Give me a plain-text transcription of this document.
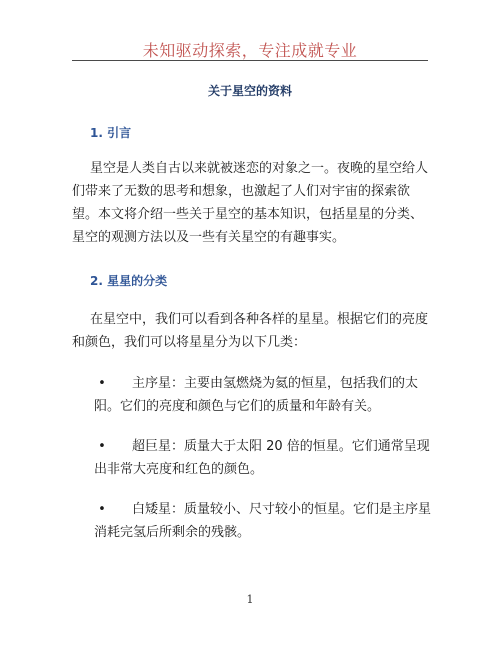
未知驱动探索，专注成就专业
关于星空的资料
1. 引言
星空是人类自古以来就被迷恋的对象之一。夜晚的星空给人们带来了无数的思考和想象，也激起了人们对宇宙的探索欲望。本文将介绍一些关于星空的基本知识，包括星星的分类、星空的观测方法以及一些有关星空的有趣事实。
2. 星星的分类
在星空中，我们可以看到各种各样的星星。根据它们的亮度和颜色，我们可以将星星分为以下几类：
•	主序星：主要由氢燃烧为氦的恒星，包括我们的太阳。它们的亮度和颜色与它们的质量和年龄有关。
•	超巨星：质量大于太阳 20 倍的恒星。它们通常呈现出非常大亮度和红色的颜色。
•	白矮星：质量较小、尺寸较小的恒星。它们是主序星消耗完氢后所剩余的残骸。
1
